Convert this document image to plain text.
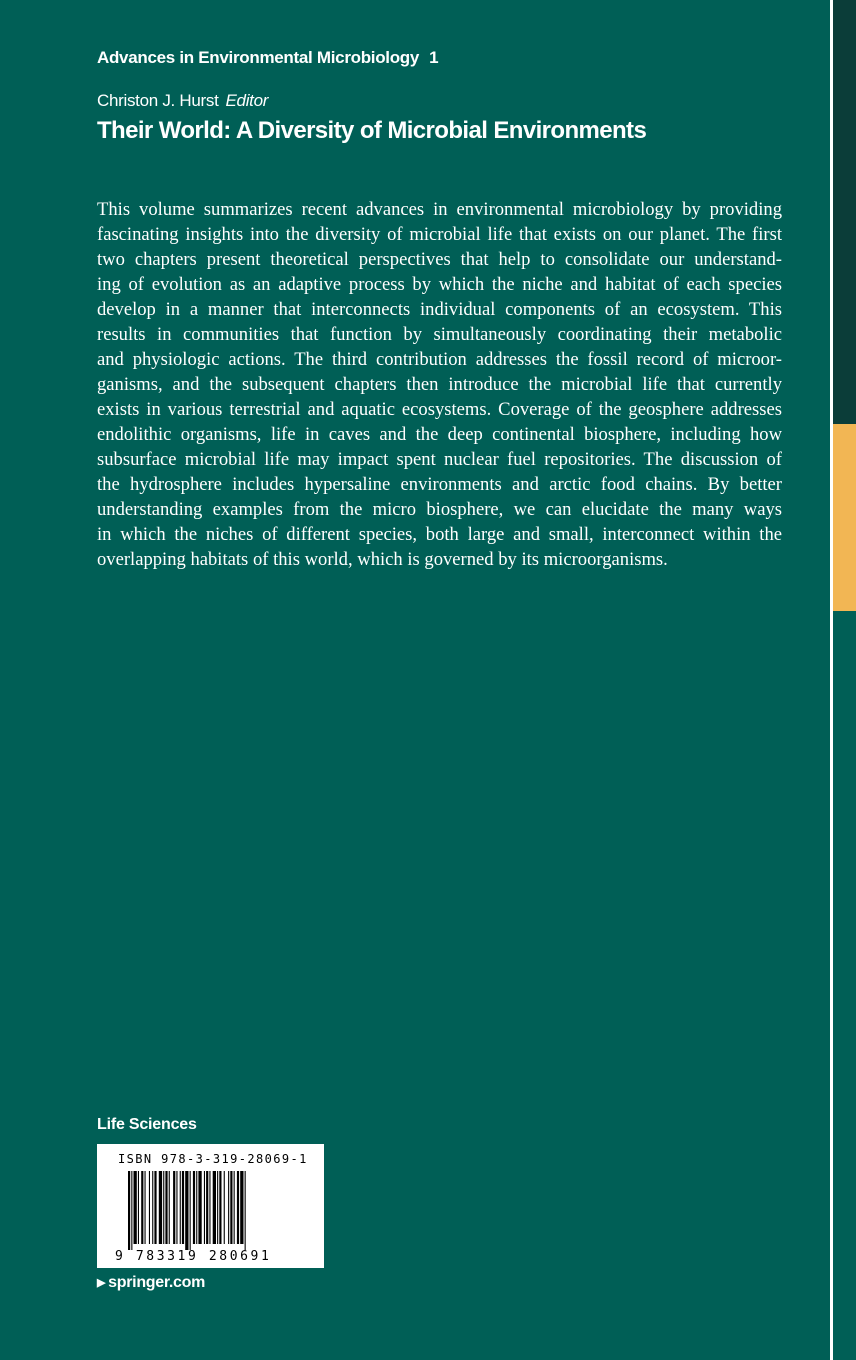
Advances in Environmental Microbiology 1
Christon J. Hurst Editor
Their World: A Diversity of Microbial Environments
This volume summarizes recent advances in environmental microbiology by providing
fascinating insights into the diversity of microbial life that exists on our planet. The first
two chapters present theoretical perspectives that help to consolidate our understand-
ing of evolution as an adaptive process by which the niche and habitat of each species
develop in a manner that interconnects individual components of an ecosystem. This
results in communities that function by simultaneously coordinating their metabolic
and physiologic actions. The third contribution addresses the fossil record of microor-
ganisms, and the subsequent chapters then introduce the microbial life that currently
exists in various terrestrial and aquatic ecosystems. Coverage of the geosphere addresses
endolithic organisms, life in caves and the deep continental biosphere, including how
subsurface microbial life may impact spent nuclear fuel repositories. The discussion of
the hydrosphere includes hypersaline environments and arctic food chains. By better
understanding examples from the micro biosphere, we can elucidate the many ways
in which the niches of different species, both large and small, interconnect within the
overlapping habitats of this world, which is governed by its microorganisms.
Life Sciences
ISBN 978-3-319-28069-1
9 783319 280691
▶ springer.com
